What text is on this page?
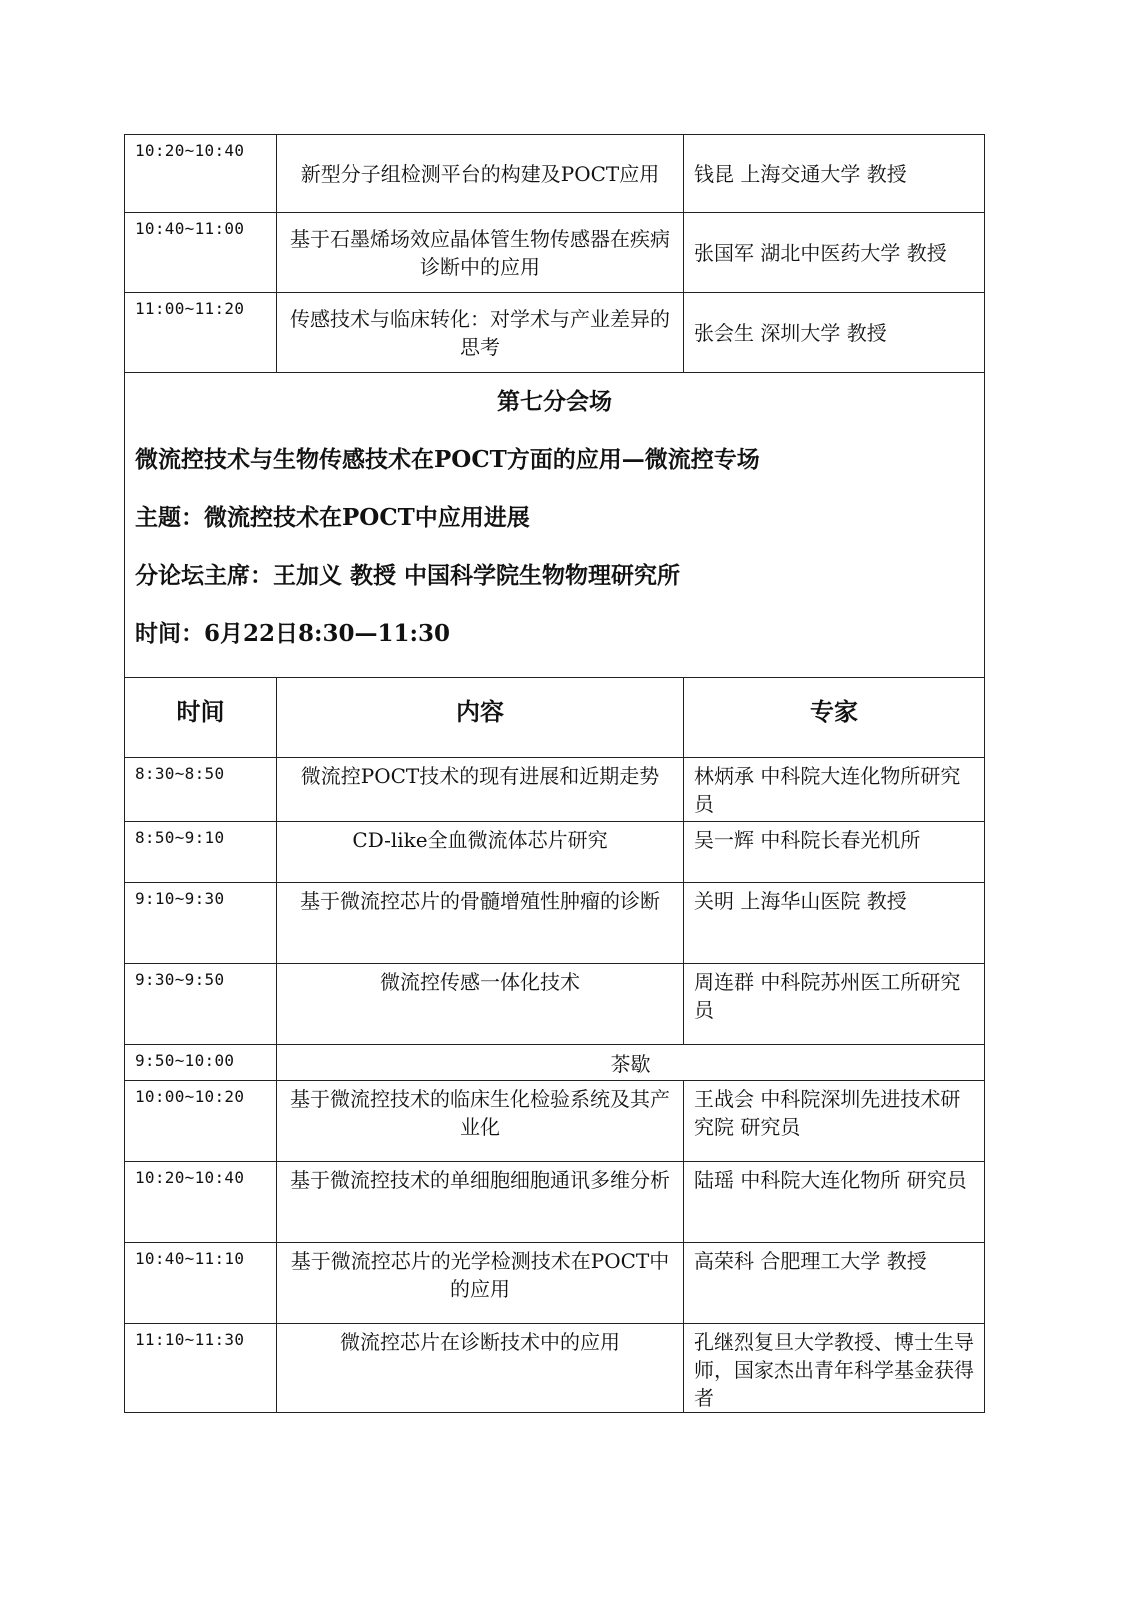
10:20~10:40	新型分子组检测平台的构建及POCT应用	钱昆 上海交通大学 教授
10:40~11:00	基于石墨烯场效应晶体管生物传感器在疾病诊断中的应用	张国军 湖北中医药大学 教授
11:00~11:20	传感技术与临床转化：对学术与产业差异的思考	张会生 深圳大学 教授

第七分会场
微流控技术与生物传感技术在POCT方面的应用—微流控专场
主题：微流控技术在POCT中应用进展
分论坛主席：王加义 教授 中国科学院生物物理研究所
时间：6月22日8:30—11:30		

时间	内容	专家
8:30~8:50	微流控POCT技术的现有进展和近期走势	林炳承 中科院大连化物所研究员
8:50~9:10	CD-like全血微流体芯片研究	吴一辉 中科院长春光机所
9:10~9:30	基于微流控芯片的骨髓增殖性肿瘤的诊断	关明 上海华山医院 教授
9:30~9:50	微流控传感一体化技术	周连群 中科院苏州医工所研究员
9:50~10:00	茶歇	
10:00~10:20	基于微流控技术的临床生化检验系统及其产业化	王战会 中科院深圳先进技术研究院 研究员
10:20~10:40	基于微流控技术的单细胞细胞通讯多维分析	陆瑶 中科院大连化物所 研究员
10:40~11:10	基于微流控芯片的光学检测技术在POCT中的应用	高荣科 合肥理工大学 教授
11:10~11:30	微流控芯片在诊断技术中的应用	孔继烈复旦大学教授、博士生导师，国家杰出青年科学基金获得者
